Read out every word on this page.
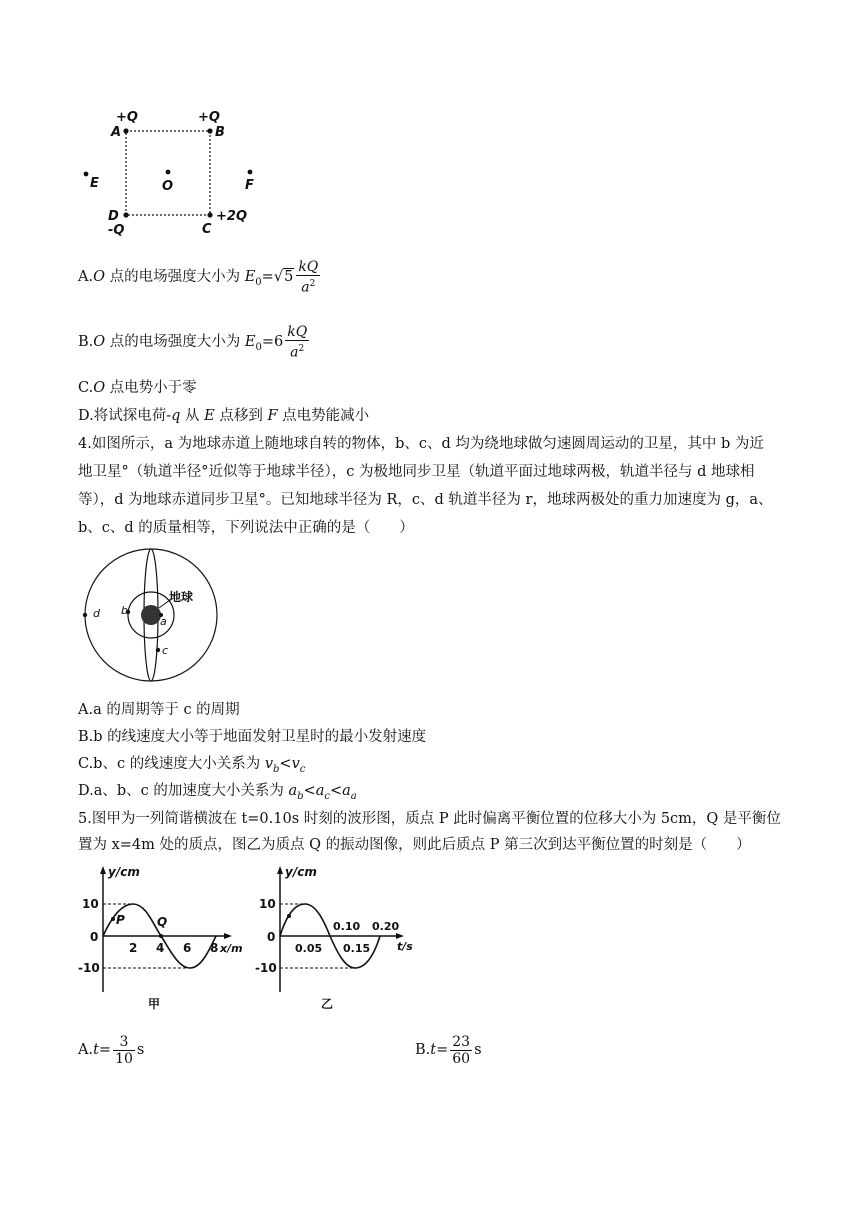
+Q	+Q
A	B
D
C
-Q
+2Q
E	O	F
A.O 点的电场强度大小为 $E_0=√5 \frac{kQ}{a^2}$
B.O 点的电场强度大小为 $E_0=6 \frac{kQ}{a^2}$
C.O 点电势小于零
D.将试探电荷-q 从 E 点移到 F 点电势能减小
4.如图所示，a 为地球赤道上随地球自转的物体，b、c、d 均为绕地球做匀速圆周运动的卫星，其中 b 为近
地卫星°（轨道半径°近似等于地球半径），c 为极地同步卫星（轨道平面过地球两极，轨道半径与 d 地球相
等），d 为地球赤道同步卫星°。已知地球半径为 R，c、d 轨道半径为 r，地球两极处的重力加速度为 g，a、
b、c、d 的质量相等，下列说法中正确的是（　　）
地球
d b
a
c
A.a 的周期等于 c 的周期
B.b 的线速度大小等于地面发射卫星时的最小发射速度
C.b、c 的线速度大小关系为 $v_b<v_c$
D.a、b、c 的加速度大小关系为 $a_b<a_c<a_a$
5.图甲为一列简谐横波在 t=0.10s 时刻的波形图，质点 P 此时偏离平衡位置的位移大小为 5cm，Q 是平衡位
置为 x=4m 处的质点，图乙为质点 Q 的振动图像，则此后质点 P 第三次到达平衡位置的时刻是（　　）
y/cm
10
0
-10
2 4 6 8 x/m
P	Q
甲
y/cm
10
0
-10
0.05
0.10
0.15
0.20
t/s
乙
$A.t= \frac{3}{10}$ s	$B.t= \frac{23}{60}$ s
